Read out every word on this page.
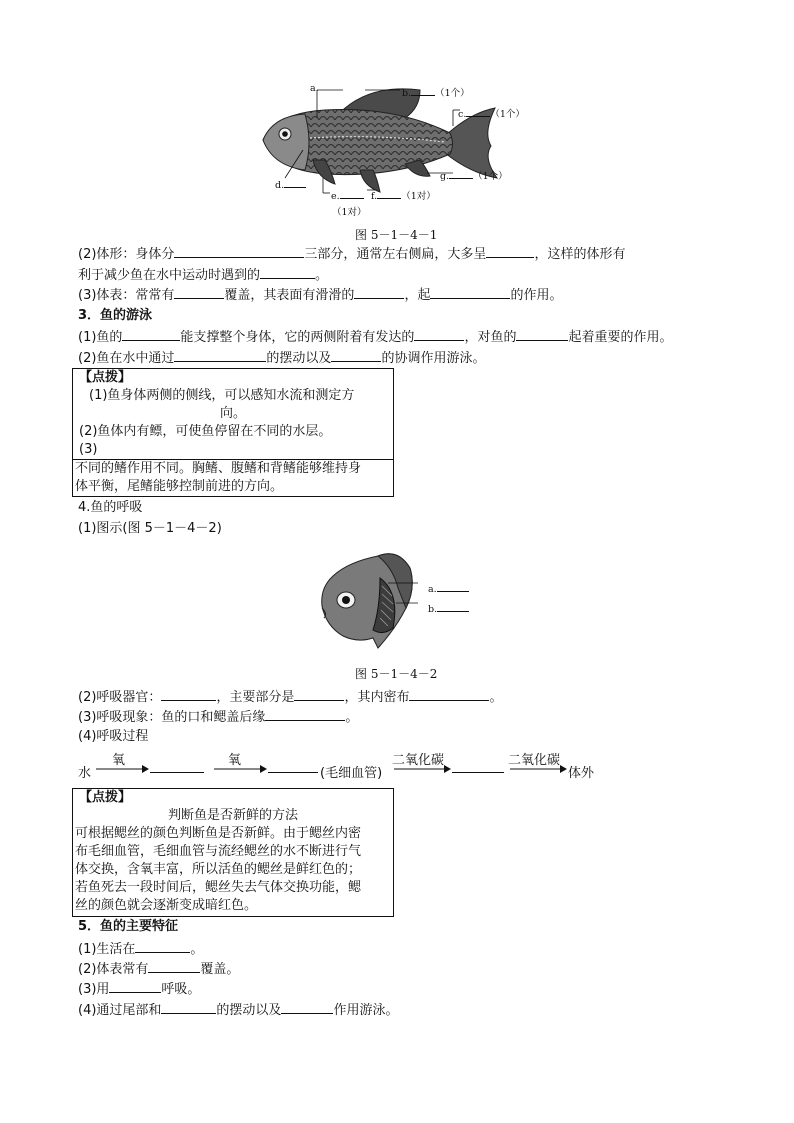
a.	b.	（1个）
c.	（1个）
d.
g.	（1个）
e.	f.	（1对）
（1对）
图 5－1－4－1
(2)体形：身体分	三部分，通常左右侧扁，大多呈	，这样的体形有
利于减少鱼在水中运动时遇到的	。
(3)体表：常常有	覆盖，其表面有滑滑的	，起	的作用。
3．鱼的游泳
(1)鱼的	能支撑整个身体，它的两侧附着有发达的	，对鱼的	起着重要的作用。
(2)鱼在水中通过	的摆动以及	的协调作用游泳。
【点拨】
(1)鱼身体两侧的侧线，可以感知水流和测定方
向。
(2)鱼体内有鳔，可使鱼停留在不同的水层。
(3)
不同的鳍作用不同。胸鳍、腹鳍和背鳍能够维持身
体平衡，尾鳍能够控制前进的方向。
4.鱼的呼吸
(1)图示(图 5－1－4－2)
a.
b.
图 5－1－4－2
(2)呼吸器官：	，主要部分是	，其内密布	。
(3)呼吸现象：鱼的口和鳃盖后缘	。
(4)呼吸过程
水
氧	氧
(毛细血管)
二氧化碳	二氧化碳
体外
【点拨】
判断鱼是否新鲜的方法
可根据鳃丝的颜色判断鱼是否新鲜。由于鳃丝内密
布毛细血管，毛细血管与流经鳃丝的水不断进行气
体交换，含氧丰富，所以活鱼的鳃丝是鲜红色的；
若鱼死去一段时间后，鳃丝失去气体交换功能，鳃
丝的颜色就会逐渐变成暗红色。
5．鱼的主要特征
(1)生活在	。
(2)体表常有	覆盖。
(3)用	呼吸。
(4)通过尾部和	的摆动以及	作用游泳。
